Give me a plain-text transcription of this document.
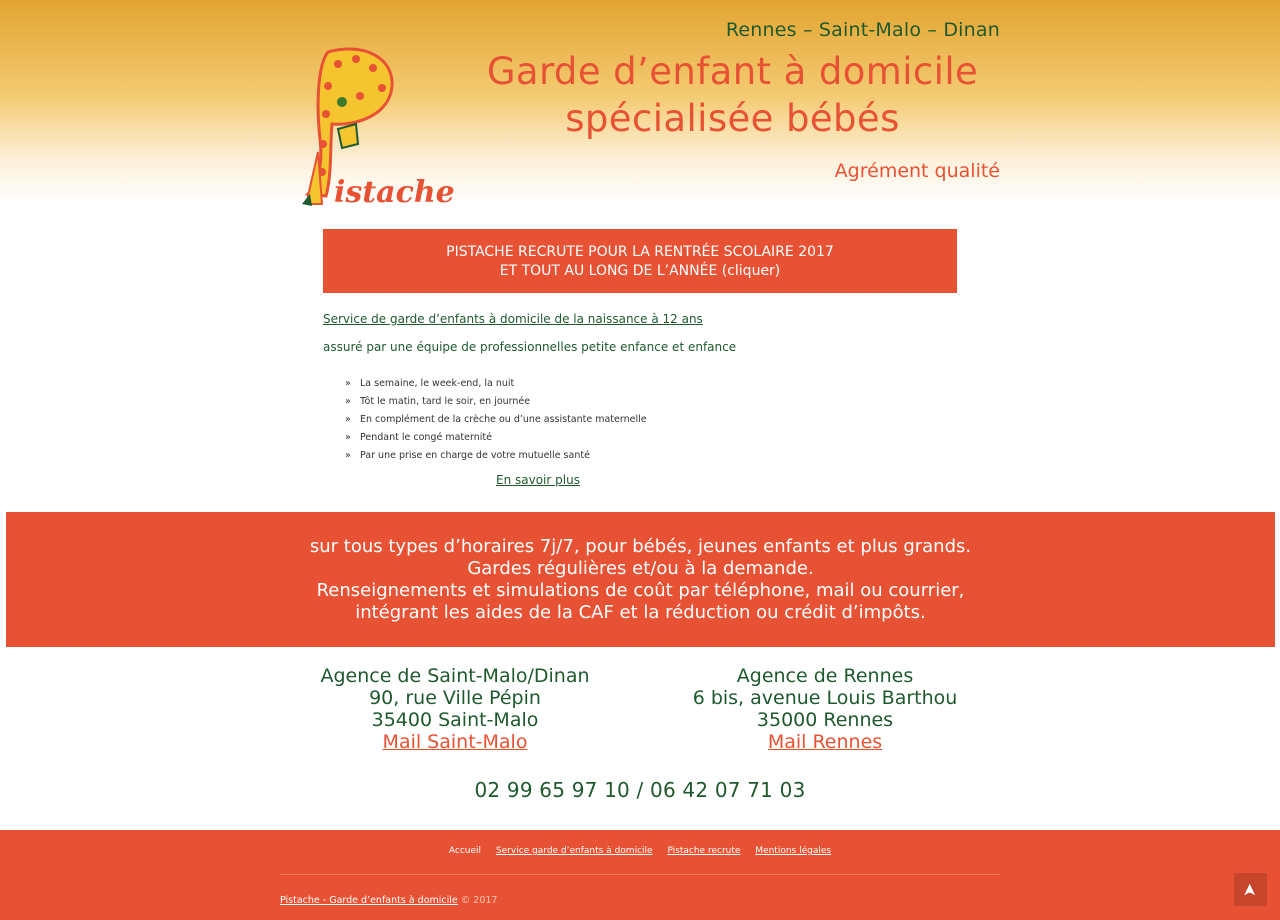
istache
Rennes – Saint-Malo – Dinan
Garde d’enfant à domicile
spécialisée bébés
Agrément qualité
PISTACHE RECRUTE POUR LA RENTRÉE SCOLAIRE 2017
ET TOUT AU LONG DE L’ANNÉE (cliquer)
Service de garde d’enfants à domicile de la naissance à 12 ans
assuré par une équipe de professionnelles petite enfance et enfance
» La semaine, le week-end, la nuit
» Tôt le matin, tard le soir, en journée
» En complément de la crèche ou d’une assistante maternelle
» Pendant le congé maternité
» Par une prise en charge de votre mutuelle santé
En savoir plus
sur tous types d’horaires 7j/7, pour bébés, jeunes enfants et plus grands.
Gardes régulières et/ou à la demande.
Renseignements et simulations de coût par téléphone, mail ou courrier,
intégrant les aides de la CAF et la réduction ou crédit d’impôts.
Agence de Saint-Malo/Dinan
90, rue Ville Pépin
35400 Saint-Malo
Mail Saint-Malo
Agence de Rennes
6 bis, avenue Louis Barthou
35000 Rennes
Mail Rennes
02 99 65 97 10 / 06 42 07 71 03
Accueil Service garde d’enfants à domicile Pistache recrute Mentions légales
Pistache - Garde d’enfants à domicile © 2017
➤
